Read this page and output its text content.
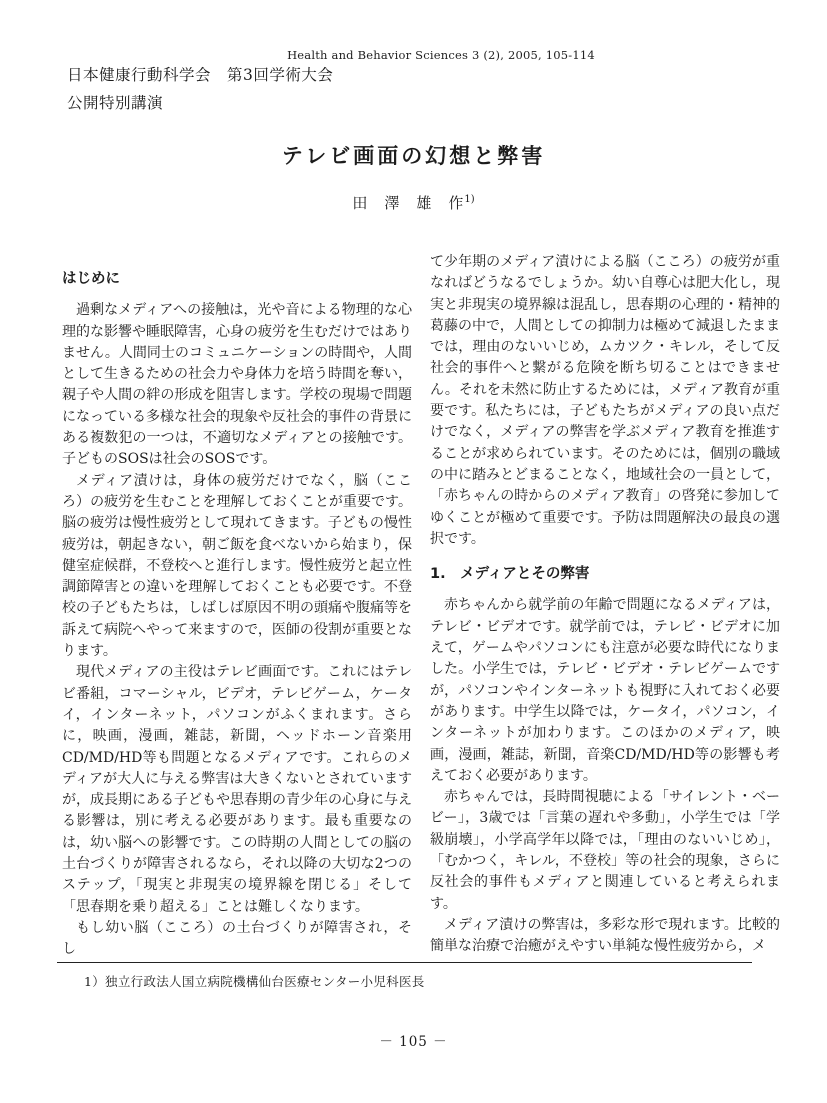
Health and Behavior Sciences 3 (2), 2005, 105-114
日本健康行動科学会　第3回学術大会
公開特別講演
テレビ画面の幻想と弊害
田　澤　雄　作$^{1)}$
はじめに

過剰なメディアへの接触は，光や音による物理的な心理的な影響や睡眠障害，心身の疲労を生むだけではありません。人間同士のコミュニケーションの時間や，人間として生きるための社会力や身体力を培う時間を奪い，親子や人間の絆の形成を阻害します。学校の現場で問題になっている多様な社会的現象や反社会的事件の背景にある複数犯の一つは，不適切なメディアとの接触です。子どものSOSは社会のSOSです。

メディア漬けは，身体の疲労だけでなく，脳（こころ）の疲労を生むことを理解しておくことが重要です。脳の疲労は慢性疲労として現れてきます。子どもの慢性疲労は，朝起きない，朝ご飯を食べないから始まり，保健室症候群，不登校へと進行します。慢性疲労と起立性調節障害との違いを理解しておくことも必要です。不登校の子どもたちは，しばしば原因不明の頭痛や腹痛等を訴えて病院へやって来ますので，医師の役割が重要となります。

現代メディアの主役はテレビ画面です。これにはテレビ番組，コマーシャル，ビデオ，テレビゲーム，ケータイ，インターネット，パソコンがふくまれます。さらに，映画，漫画，雑誌，新聞，ヘッドホーン音楽用CD/MD/HD等も問題となるメディアです。これらのメディアが大人に与える弊害は大きくないとされていますが，成長期にある子どもや思春期の青少年の心身に与える影響は，別に考える必要があります。最も重要なのは，幼い脳への影響です。この時期の人間としての脳の土台づくりが障害されるなら，それ以降の大切な2つのステップ，「現実と非現実の境界線を閉じる」そして「思春期を乗り超える」ことは難しくなります。

もし幼い脳（こころ）の土台づくりが障害され，そし

て少年期のメディア漬けによる脳（こころ）の疲労が重なればどうなるでしょうか。幼い自尊心は肥大化し，現実と非現実の境界線は混乱し，思春期の心理的・精神的葛藤の中で，人間としての抑制力は極めて減退したままでは，理由のないいじめ，ムカツク・キレル，そして反社会的事件へと繋がる危険を断ち切ることはできません。それを未然に防止するためには，メディア教育が重要です。私たちには，子どもたちがメディアの良い点だけでなく，メディアの弊害を学ぶメディア教育を推進することが求められています。そのためには，個別の職域の中に踏みとどまることなく，地域社会の一員として，「赤ちゃんの時からのメディア教育」の啓発に参加してゆくことが極めて重要です。予防は問題解決の最良の選択です。

1.　メディアとその弊害

赤ちゃんから就学前の年齢で問題になるメディアは，テレビ・ビデオです。就学前では，テレビ・ビデオに加えて，ゲームやパソコンにも注意が必要な時代になりました。小学生では，テレビ・ビデオ・テレビゲームですが，パソコンやインターネットも視野に入れておく必要があります。中学生以降では，ケータイ，パソコン，インターネットが加わります。このほかのメディア，映画，漫画，雑誌，新聞，音楽CD/MD/HD等の影響も考えておく必要があります。

赤ちゃんでは，長時間視聴による「サイレント・ベービー」，3歳では「言葉の遅れや多動」，小学生では「学級崩壊」，小学高学年以降では，「理由のないいじめ」，「むかつく，キレル，不登校」等の社会的現象，さらに反社会的事件もメディアと関連していると考えられます。

メディア漬けの弊害は，多彩な形で現れます。比較的簡単な治療で治癒がえやすい単純な慢性疲労から，メ

1）独立行政法人国立病院機構仙台医療センター小児科医長
－ 105 －
